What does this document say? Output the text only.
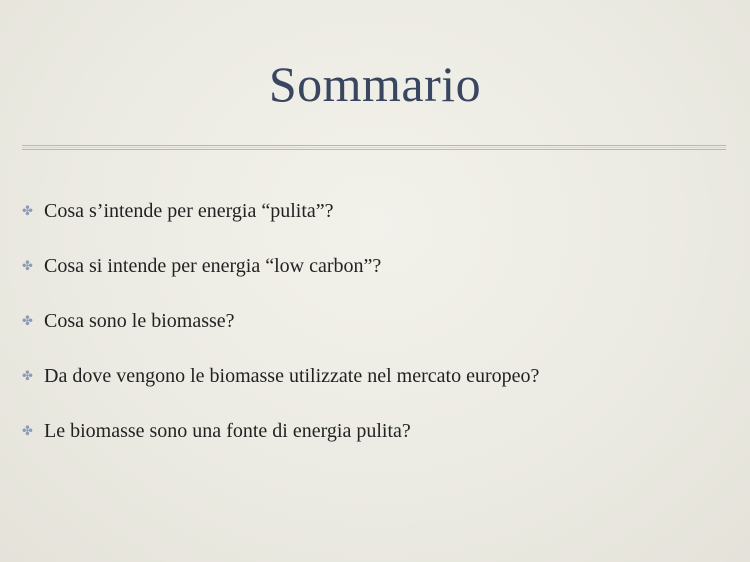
Sommario
✤ Cosa s’intende per energia “pulita”?
✤ Cosa si intende per energia “low carbon”?
✤ Cosa sono le biomasse?
✤ Da dove vengono le biomasse utilizzate nel mercato europeo?
✤ Le biomasse sono una fonte di energia pulita?
